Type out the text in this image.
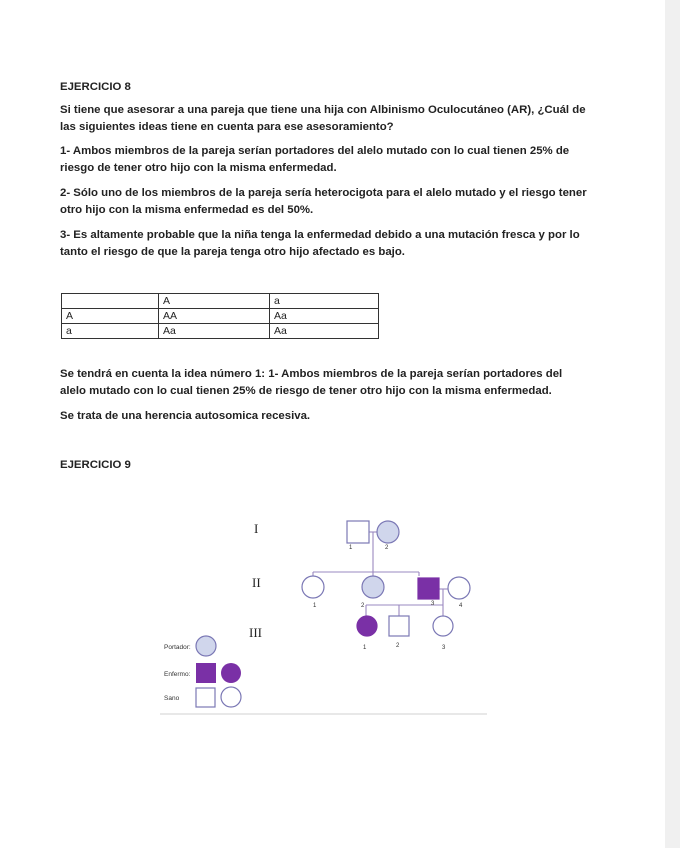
EJERCICIO 8
Si tiene que asesorar a una pareja que tiene una hija con Albinismo Oculocutáneo (AR), ¿Cuál de las siguientes ideas tiene en cuenta para ese asesoramiento?
1- Ambos miembros de la pareja serían portadores del alelo mutado con lo cual tienen 25% de riesgo de tener otro hijo con la misma enfermedad.
2- Sólo uno de los miembros de la pareja sería heterocigota para el alelo mutado y el riesgo tener otro hijo con la misma enfermedad es del 50%.
3- Es altamente probable que la niña tenga la enfermedad debido a una mutación fresca y por lo tanto el riesgo de que la pareja tenga otro hijo afectado es bajo.
	A	a
A	AA	Aa
a	Aa	Aa
Se tendrá en cuenta la idea número 1: 1- Ambos miembros de la pareja serían portadores del alelo mutado con lo cual tienen 25% de riesgo de tener otro hijo con la misma enfermedad.
Se trata de una herencia autosomica recesiva.
EJERCICIO 9
I
II
III
1	2
1	2	3	4
1	2	3
Portador:
Enfermo:
Sano
